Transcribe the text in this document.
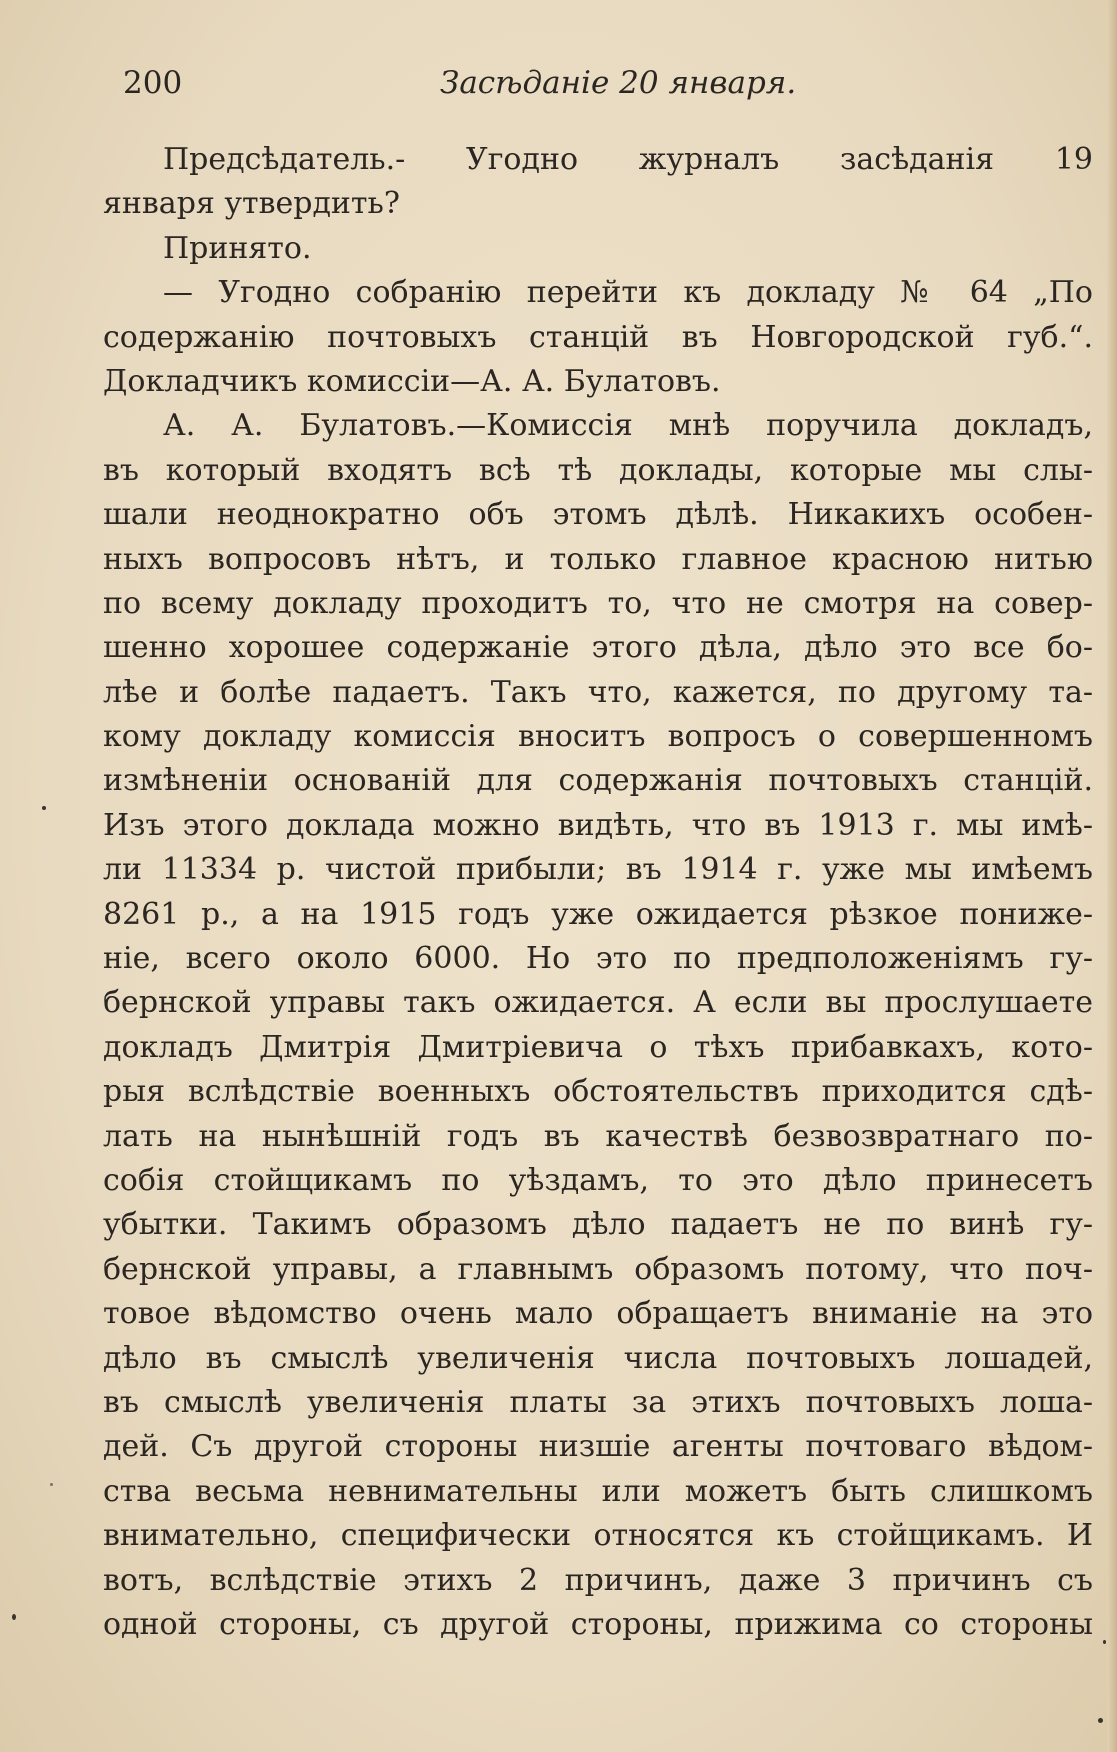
200	Засѣданіе 20 января.
Предсѣдатель.- Угодно журналъ засѣданія 19
января утвердить?
Принято.
— Угодно собранію перейти къ докладу № 64 „По
содержанію почтовыхъ станцій въ Новгородской губ.“.
Докладчикъ комиссіи—А. А. Булатовъ.
А. А. Булатовъ.—Комиссія мнѣ поручила докладъ,
въ который входятъ всѣ тѣ доклады, которые мы слы-
шали неоднократно объ этомъ дѣлѣ. Никакихъ особен-
ныхъ вопросовъ нѣтъ, и только главное красною нитью
по всему докладу проходитъ то, что не смотря на совер-
шенно хорошее содержаніе этого дѣла, дѣло это все бо-
лѣе и болѣе падаетъ. Такъ что, кажется, по другому та-
кому докладу комиссія вноситъ вопросъ о совершенномъ
измѣненіи основаній для содержанія почтовыхъ станцій.
Изъ этого доклада можно видѣть, что въ 1913 г. мы имѣ-
ли 11334 р. чистой прибыли; въ 1914 г. уже мы имѣемъ
8261 р., а на 1915 годъ уже ожидается рѣзкое пониже-
ніе, всего около 6000. Но это по предположеніямъ гу-
бернской управы такъ ожидается. А если вы прослушаете
докладъ Дмитрія Дмитріевича о тѣхъ прибавкахъ, кото-
рыя вслѣдствіе военныхъ обстоятельствъ приходится сдѣ-
лать на нынѣшній годъ въ качествѣ безвозвратнаго по-
собія стойщикамъ по уѣздамъ, то это дѣло принесетъ
убытки. Такимъ образомъ дѣло падаетъ не по винѣ гу-
бернской управы, а главнымъ образомъ потому, что поч-
товое вѣдомство очень мало обращаетъ вниманіе на это
дѣло въ смыслѣ увеличенія числа почтовыхъ лошадей,
въ смыслѣ увеличенія платы за этихъ почтовыхъ лоша-
дей. Съ другой стороны низшіе агенты почтоваго вѣдом-
ства весьма невнимательны или можетъ быть слишкомъ
внимательно, специфически относятся къ стойщикамъ. И
вотъ, вслѣдствіе этихъ 2 причинъ, даже 3 причинъ съ
одной стороны, съ другой стороны, прижима со стороны
